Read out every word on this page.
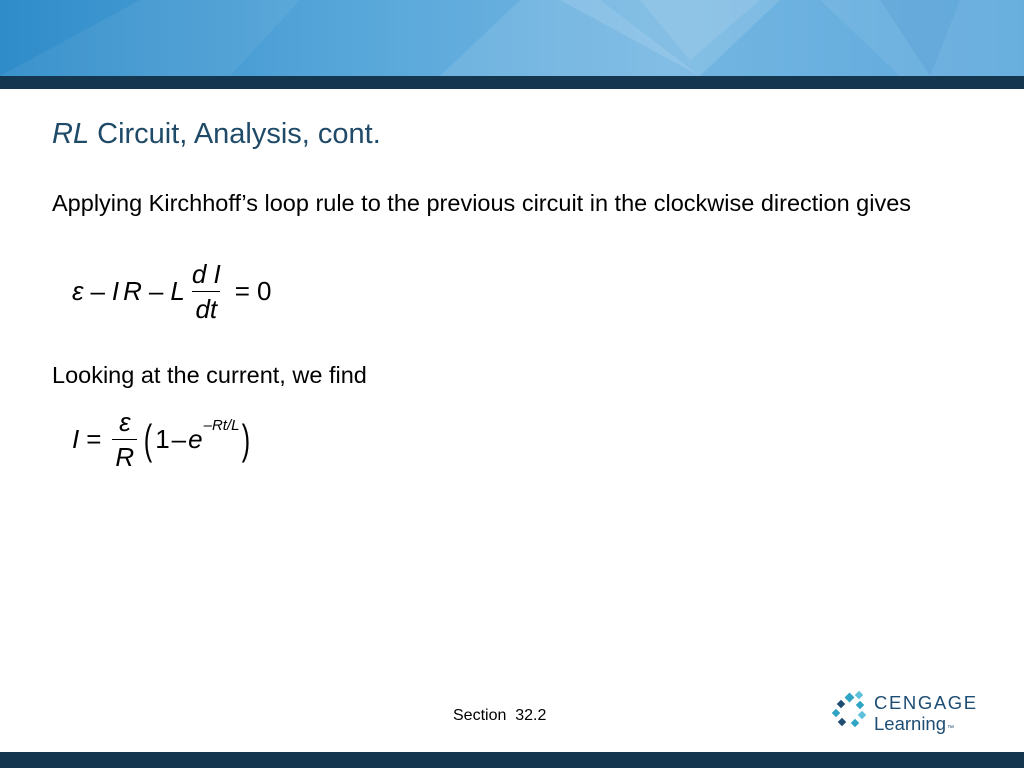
RL Circuit, Analysis, cont.

Applying Kirchhoff’s loop rule to the previous circuit in the clockwise direction gives

ε – I R – L $\frac{\text{d I}}{dt} = 0$

Looking at the current, we find

$I = \frac{\varepsilon}{R}$ ( 1 – e $^{-Rt/L}$ )
Section  32.2
CENGAGE
Learning™
